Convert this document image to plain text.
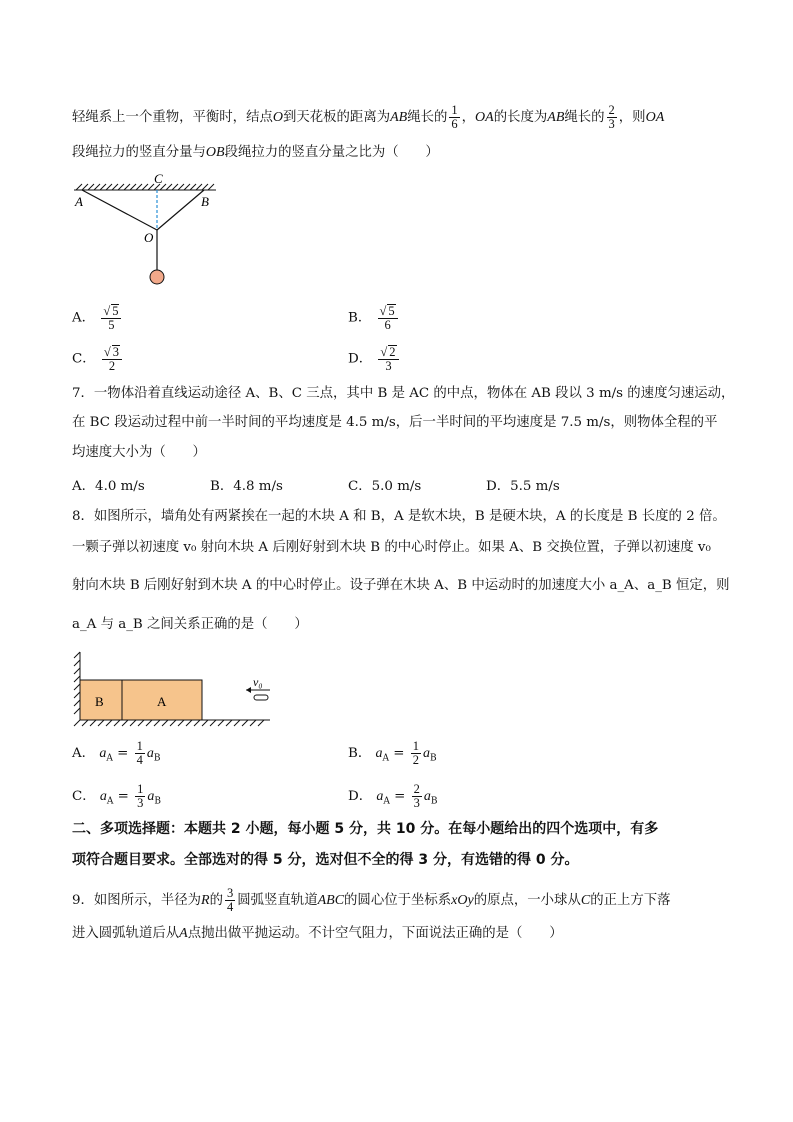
轻绳系上一个重物，平衡时，结点O到天花板的距离为AB绳长的 $\frac{1}{6}$ ，OA的长度为AB绳长的 $\frac{2}{3}$ ，则OA
段绳拉力的竖直分量与OB段绳拉力的竖直分量之比为（　　）
C
A	B
O
A． $\frac{√ 5}{5}$	B． $\frac{√ 5}{6}$
C． $\frac{√ 3}{2}$	D． $\frac{√ 2}{3}$
7．一物体沿着直线运动途径 A、B、C 三点，其中 B 是 AC 的中点，物体在 AB 段以 3 m/s 的速度匀速运动，
在 BC 段运动过程中前一半时间的平均速度是 4.5 m/s，后一半时间的平均速度是 7.5 m/s，则物体全程的平
均速度大小为（　　）
A．4.0 m/s	B．4.8 m/s	C．5.0 m/s	D．5.5 m/s
8．如图所示，墙角处有两紧挨在一起的木块 A 和 B，A 是软木块，B 是硬木块，A 的长度是 B 长度的 2 倍。
一颗子弹以初速度 v₀ 射向木块 A 后刚好射到木块 B 的中心时停止。如果 A、B 交换位置，子弹以初速度 v₀
射向木块 B 后刚好射到木块 A 的中心时停止。设子弹在木块 A、B 中运动时的加速度大小 a_A、a_B 恒定，则
a_A 与 a_B 之间关系正确的是（　　）
B	A
v₀
A． $a_A = \frac{1}{4} a_B$	B． $a_A = \frac{1}{2} a_B$
C． $a_A = \frac{1}{3} a_B$	D． $a_A = \frac{2}{3} a_B$
二、多项选择题：本题共 2 小题，每小题 5 分，共 10 分。在每小题给出的四个选项中，有多
项符合题目要求。全部选对的得 5 分，选对但不全的得 3 分，有选错的得 0 分。
9．如图所示，半径为R的 $\frac{3}{4}$ 圆弧竖直轨道ABC的圆心位于坐标系xOy的原点，一小球从C的正上方下落
进入圆弧轨道后从A点抛出做平抛运动。不计空气阻力，下面说法正确的是（　　）
